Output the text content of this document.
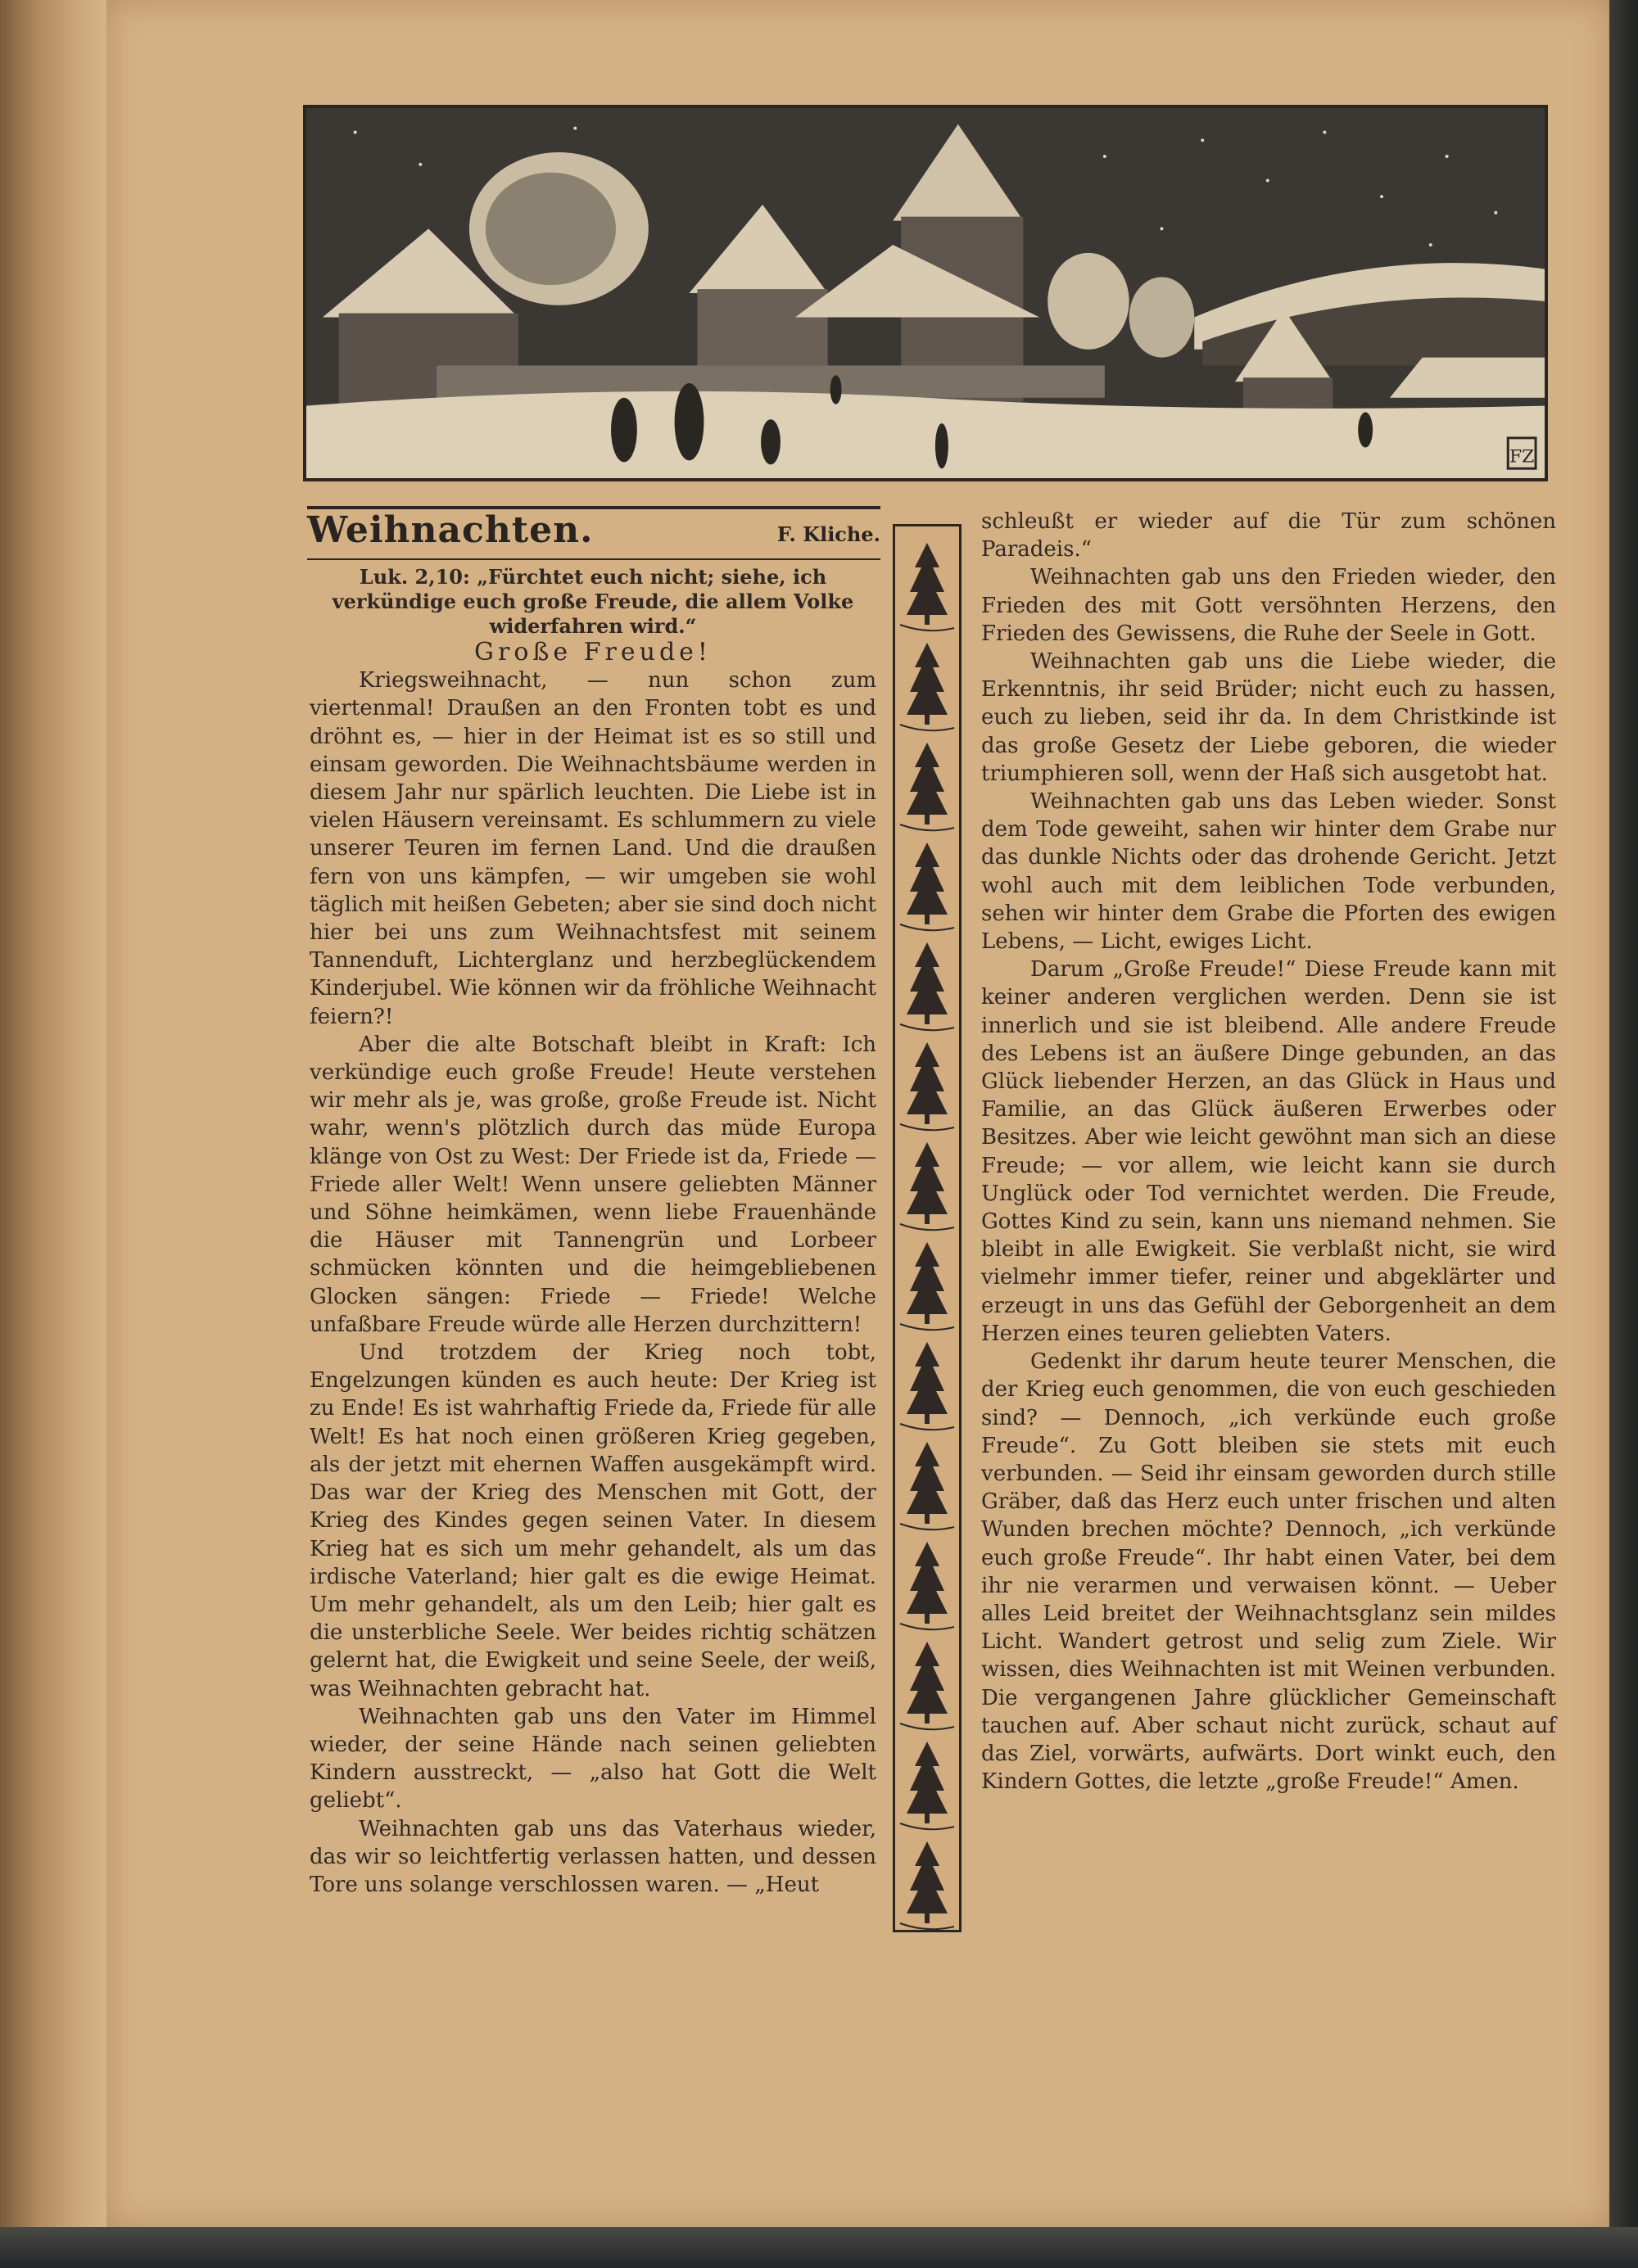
FZ
Weihnachten.	F. Kliche.

Luk. 2,10: „Fürchtet euch nicht; siehe, ich verkündige euch große Freude, die allem Volke widerfahren wird.“

Große Freude!

Kriegsweihnacht, — nun schon zum viertenmal! Draußen an den Fronten tobt es und dröhnt es, — hier in der Heimat ist es so still und einsam geworden. Die Weihnachtsbäume werden in diesem Jahr nur spärlich leuchten. Die Liebe ist in vielen Häusern vereinsamt. Es schlummern zu viele unserer Teuren im fernen Land. Und die draußen fern von uns kämpfen, — wir umgeben sie wohl täglich mit heißen Gebeten; aber sie sind doch nicht hier bei uns zum Weihnachtsfest mit seinem Tannenduft, Lichterglanz und herzbeglückendem Kinderjubel. Wie können wir da fröhliche Weihnacht feiern?!

Aber die alte Botschaft bleibt in Kraft: Ich verkündige euch große Freude! Heute verstehen wir mehr als je, was große, große Freude ist. Nicht wahr, wenn's plötzlich durch das müde Europa klänge von Ost zu West: Der Friede ist da, Friede — Friede aller Welt! Wenn unsere geliebten Männer und Söhne heimkämen, wenn liebe Frauenhände die Häuser mit Tannengrün und Lorbeer schmücken könnten und die heimgebliebenen Glocken sängen: Friede — Friede! Welche unfaßbare Freude würde alle Herzen durchzittern!

Und trotzdem der Krieg noch tobt, Engelzungen künden es auch heute: Der Krieg ist zu Ende! Es ist wahrhaftig Friede da, Friede für alle Welt! Es hat noch einen größeren Krieg gegeben, als der jetzt mit ehernen Waffen ausgekämpft wird. Das war der Krieg des Menschen mit Gott, der Krieg des Kindes gegen seinen Vater. In diesem Krieg hat es sich um mehr gehandelt, als um das irdische Vaterland; hier galt es die ewige Heimat. Um mehr gehandelt, als um den Leib; hier galt es die unsterbliche Seele. Wer beides richtig schätzen gelernt hat, die Ewigkeit und seine Seele, der weiß, was Weihnachten gebracht hat.

Weihnachten gab uns den Vater im Himmel wieder, der seine Hände nach seinen geliebten Kindern ausstreckt, — „also hat Gott die Welt geliebt“.

Weihnachten gab uns das Vaterhaus wieder, das wir so leichtfertig verlassen hatten, und dessen Tore uns solange verschlossen waren. — „Heut

schleußt er wieder auf die Tür zum schönen Paradeis.“

Weihnachten gab uns den Frieden wieder, den Frieden des mit Gott versöhnten Herzens, den Frieden des Gewissens, die Ruhe der Seele in Gott.

Weihnachten gab uns die Liebe wieder, die Erkenntnis, ihr seid Brüder; nicht euch zu hassen, euch zu lieben, seid ihr da. In dem Christkinde ist das große Gesetz der Liebe geboren, die wieder triumphieren soll, wenn der Haß sich ausgetobt hat.

Weihnachten gab uns das Leben wieder. Sonst dem Tode geweiht, sahen wir hinter dem Grabe nur das dunkle Nichts oder das drohende Gericht. Jetzt wohl auch mit dem leiblichen Tode verbunden, sehen wir hinter dem Grabe die Pforten des ewigen Lebens, — Licht, ewiges Licht.

Darum „Große Freude!“ Diese Freude kann mit keiner anderen verglichen werden. Denn sie ist innerlich und sie ist bleibend. Alle andere Freude des Lebens ist an äußere Dinge gebunden, an das Glück liebender Herzen, an das Glück in Haus und Familie, an das Glück äußeren Erwerbes oder Besitzes. Aber wie leicht gewöhnt man sich an diese Freude; — vor allem, wie leicht kann sie durch Unglück oder Tod vernichtet werden. Die Freude, Gottes Kind zu sein, kann uns niemand nehmen. Sie bleibt in alle Ewigkeit. Sie verblaßt nicht, sie wird vielmehr immer tiefer, reiner und abgeklärter und erzeugt in uns das Gefühl der Geborgenheit an dem Herzen eines teuren geliebten Vaters.

Gedenkt ihr darum heute teurer Menschen, die der Krieg euch genommen, die von euch geschieden sind? — Dennoch, „ich verkünde euch große Freude“. Zu Gott bleiben sie stets mit euch verbunden. — Seid ihr einsam geworden durch stille Gräber, daß das Herz euch unter frischen und alten Wunden brechen möchte? Dennoch, „ich verkünde euch große Freude“. Ihr habt einen Vater, bei dem ihr nie verarmen und verwaisen könnt. — Ueber alles Leid breitet der Weihnachtsglanz sein mildes Licht. Wandert getrost und selig zum Ziele. Wir wissen, dies Weihnachten ist mit Weinen verbunden. Die vergangenen Jahre glücklicher Gemeinschaft tauchen auf. Aber schaut nicht zurück, schaut auf das Ziel, vorwärts, aufwärts. Dort winkt euch, den Kindern Gottes, die letzte „große Freude!“ Amen.
